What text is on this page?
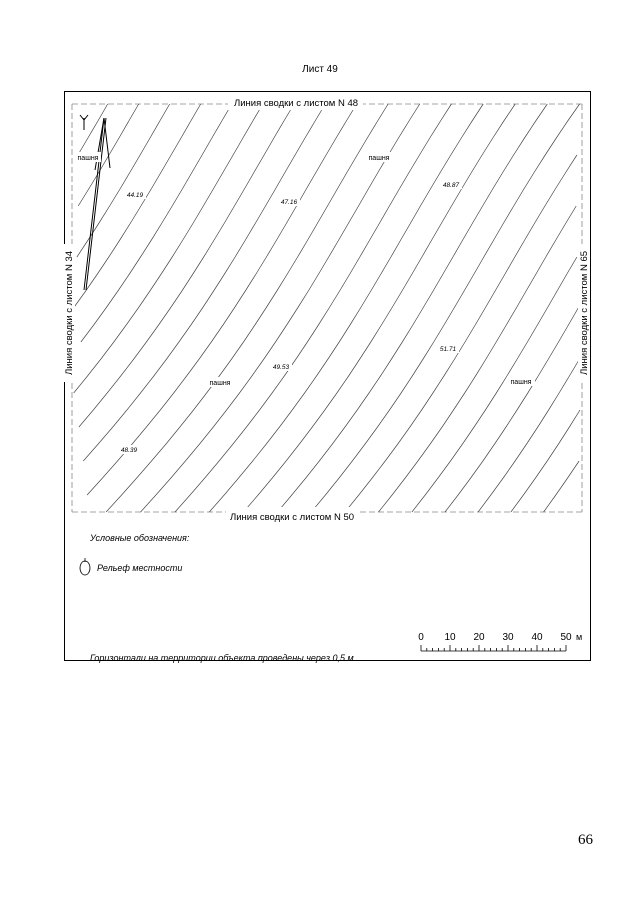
Лист 49
Линия сводки с листом N 48
Линия сводки с листом N 50
Линия сводки с листом N 34	Линия сводки с листом N 65
пашня	пашня
пашня	пашня
44.19
47.16
48.87
49.53
51.71
48.39
Условные обозначения:
Рельеф местности
Горизонтали на территории объекта проведены через 0,5 м
0 10 20 30 40 50 м
66
